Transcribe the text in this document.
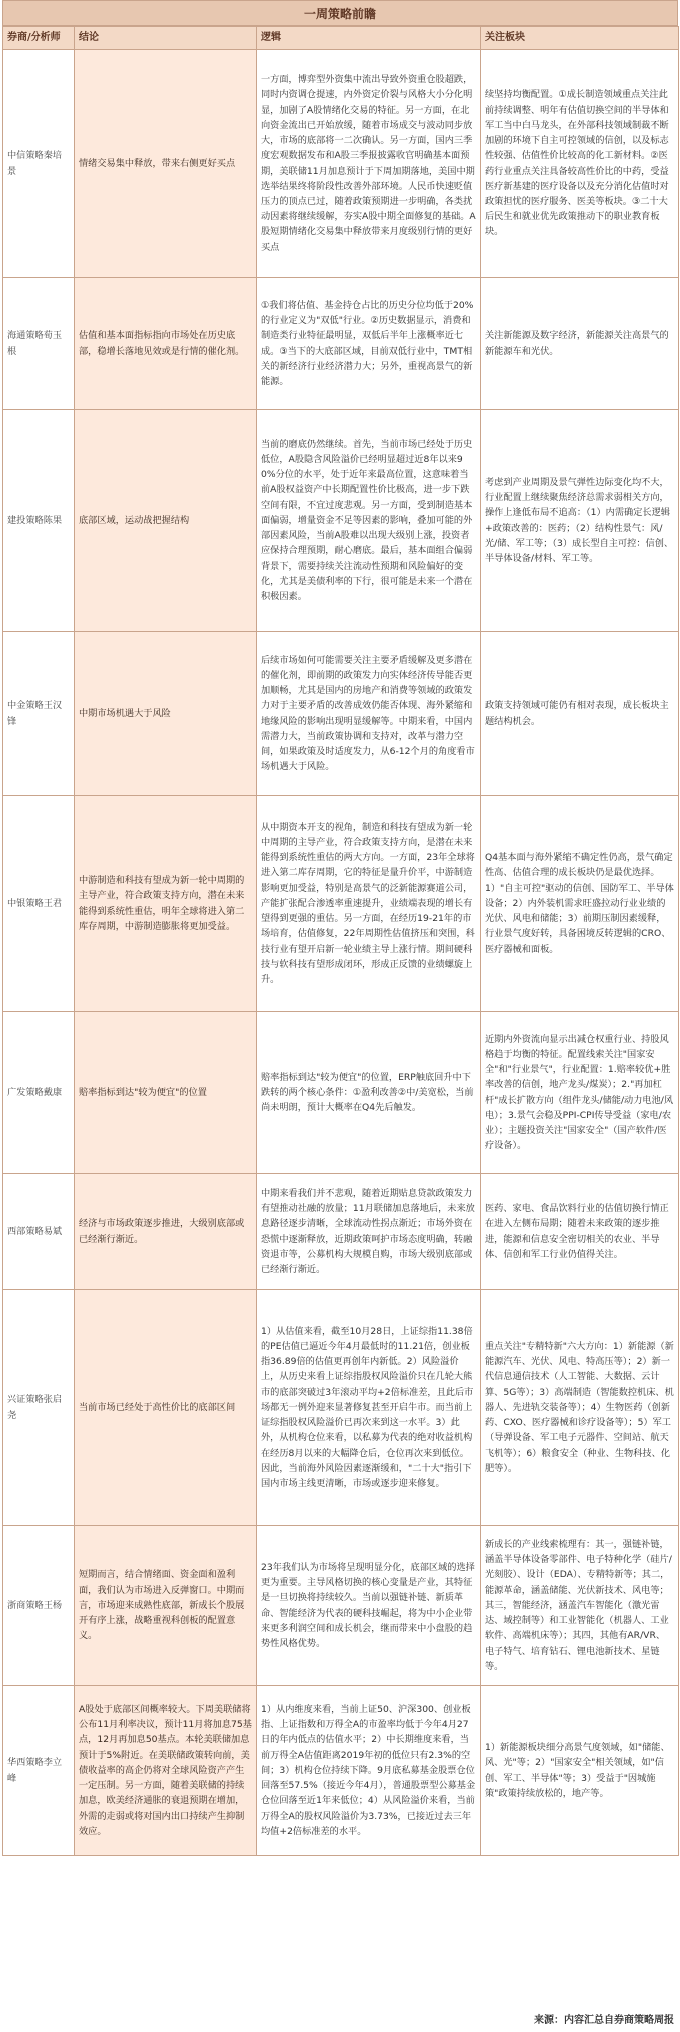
一周策略前瞻
券商/分析师	结论	逻辑	关注板块
中信策略秦培景	情绪交易集中释放，带来右侧更好买点	一方面，博弈型外资集中流出导致外资重仓股超跌，同时内资调仓提速，内外资定价裂与风格大小分化明显，加剧了A股情绪化交易的特征。另一方面，在北向资金流出已开始放缓，随着市场成交与波动同步放大，市场的底部将一二次确认。另一方面，国内三季度宏观数据发布和A股三季报披露收官明确基本面预期，美联储11月加息预计于下周加期落地，美国中期选举结果终将阶段性改善外部环境。人民币快速贬值压力的顶点已过，随着政策预期进一步明确，各类扰动因素将继续缓解，夯实A股中期全面修复的基础。A股短期情绪化交易集中释放带来月度级别行情的更好买点	续坚持均衡配置。①成长制造领域重点关注此前持续调整、明年有估值切换空间的半导体和军工当中白马龙头，在外部科技领域制裁不断加剧的环境下自主可控领域的信创，以及标志性较强、估值性价比较高的化工新材料。②医药行业重点关注具备较高性价比的中药，受益医疗新基建的医疗设备以及充分消化估值时对政策担忧的医疗服务、医美等板块。③二十大后民生和就业优先政策推动下的职业教育板块。
海通策略荀玉根	估值和基本面指标指向市场处在历史底部，稳增长落地见效或是行情的催化剂。	①我们将估值、基金持仓占比的历史分位均低于20%的行业定义为"双低"行业。②历史数据显示，消费和制造类行业特征最明显，双低后半年上涨概率近七成。③当下的大底部区域，目前双低行业中，TMT相关的新经济行业经济潜力大；另外，重视高景气的新能源。	关注新能源及数字经济，新能源关注高景气的新能源车和光伏。
建投策略陈果	底部区域，运动战把握结构	当前的磨底仍然继续。首先，当前市场已经处于历史低位，A股隐含风险溢价已经明显超过近8年以来90%分位的水平，处于近年来最高位置，这意味着当前A股权益资产中长期配置性价比极高，进一步下跌空间有限，不宜过度悲观。另一方面，受到制造基本面偏弱，增量资金不足等因素的影响，叠加可能的外部因素风险，当前A股难以出现大级别上涨，投资者应保持合理预期，耐心磨底。最后，基本面组合偏弱背景下，需要持续关注流动性预期和风险偏好的变化，尤其是美债利率的下行，很可能是未来一个潜在积极因素。	考虑到产业周期及景气弹性边际变化均不大，行业配置上继续聚焦经济总需求弱相关方向，操作上逢低布局不追高：（1）内需确定长逻辑+政策改善的：医药；（2）结构性景气：风/光/储、军工等；（3）成长型自主可控：信创、半导体设备/材料、军工等。
中金策略王汉锋	中期市场机遇大于风险	后续市场如何可能需要关注主要矛盾缓解及更多潜在的催化剂，即前期的政策发力向实体经济传导能否更加顺畅，尤其是国内的房地产和消费等领域的政策发力对于主要矛盾的改善成效仍能否体现、海外紧缩和地缘风险的影响出现明显缓解等。中期来看，中国内需潜力大，当前政策协调和支持对，改革与潜力空间，如果政策及时适度发力，从6-12个月的角度看市场机遇大于风险。	政策支持领域可能仍有相对表现，成长板块主题结构机会。
中银策略王君	中游制造和科技有望成为新一轮中周期的主导产业，符合政策支持方向，潜在未来能得到系统性重估，明年全球将进入第二库存周期，中游制造膨胀将更加受益。	从中期资本开支的视角，制造和科技有望成为新一轮中周期的主导产业，符合政策支持方向，是潜在未来能得到系统性重估的两大方向。一方面，23年全球将进入第二库存周期，它的特征是量升价平，中游制造影响更加受益，特别是高景气的泛新能源赛道公司，产能扩张配合渗透率重速提升，业绩端表现的增长有望得到更强的重估。另一方面，在经历19-21年的市场培育，估值修复，22年周期性估值挤压和突围，科技行业有望开启新一轮业绩主导上涨行情。期间硬科技与软科技有望形成闭环，形成正反馈的业绩螺旋上升。	Q4基本面与海外紧缩不确定性仍高，景气确定性高、估值合理的成长板块仍是最优选择。1）"自主可控"驱动的信创、国防军工、半导体设备；2）内外装机需求旺盛拉动行业业绩的光伏、风电和储能；3）前期压制因素缓释，行业景气度好转，具备困境反转逻辑的CRO、医疗器械和面板。
广发策略戴康	赔率指标到达"较为便宜"的位置	赔率指标到达"较为便宜"的位置，ERP触底回升中下跌转的两个核心条件：①盈利改善②中/美宽松，当前尚未明朗，预计大概率在Q4先后触发。	近期内外资流向显示出减仓权重行业、持股风格趋于均衡的特征。配置线索关注"国家安全"和"行业景气"，行业配置：1.赔率较优+胜率改善的信创，地产龙头/煤炭）；2."再加杠杆"成长扩散方向（组件龙头/储能/动力电池/风电）；3.景气会稳及PPI-CPI传导受益（家电/农业）；主题投资关注"国家安全"（国产软件/医疗设备）。
西部策略易斌	经济与市场政策逐步推进，大级别底部或已经渐行渐近。	中期来看我们并不悲观，随着近期贴息贷款政策发力有望推动社融的放量；11月联储加息落地后，未来放息路径逐步清晰，全球流动性拐点渐近；市场外资在恐慌中逐渐释放，近期政策呵护市场态度明确，转融资退市等，公募机构大规模自购，市场大级别底部或已经渐行渐近。	医药、家电、食品饮料行业的估值切换行情正在进入左侧布局期；随着未来政策的逐步推进，能源和信息安全密切相关的农业、半导体、信创和军工行业仍值得关注。
兴证策略张启尧	当前市场已经处于高性价比的底部区间	1）从估值来看，截至10月28日，上证综指11.38倍的PE估值已逼近今年4月最低时的11.21倍，创业板指36.89倍的估值更再创年内新低。2）风险溢价上，从历史来看上证综指股权风险溢价只在几轮大熊市的底部突破过3年滚动平均+2倍标准差，且此后市场都无一例外迎来显著修复甚至开启牛市。而当前上证综指股权风险溢价已再次来到这一水平。3）此外，从机构仓位来看，以私募为代表的绝对收益机构在经历8月以来的大幅降仓后，仓位再次来到低位。因此，当前海外风险因素逐渐缓和，"二十大"指引下国内市场主线更清晰，市场或逐步迎来修复。	重点关注"专精特新"六大方向：1）新能源（新能源汽车、光伏、风电、特高压等）；2）新一代信息通信技术（人工智能、大数据、云计算、5G等）；3）高端制造（智能数控机床、机器人、先进轨交装备等）；4）生物医药（创新药、CXO、医疗器械和诊疗设备等）；5）军工（导弹设备、军工电子元器件、空间站、航天飞机等）；6）粮食安全（种业、生物科技、化肥等）。
浙商策略王杨	短期而言，结合情绪面、资金面和盈利面，我们认为市场进入反弹窗口。中期而言，市场迎来成熟性底部，新成长个股展开有序上涨，战略重视科创板的配置意义。	23年我们认为市场将呈现明显分化，底部区域的选择更为重要。主导风格切换的核心变量是产业，其特征是一旦切换将持续较久。当前以强链补链、新质革命、智能经济为代表的硬科技崛起，将为中小企业带来更多利润空间和成长机会，继而带来中小盘股的趋势性风格优势。	新成长的产业线索梳理有：其一，强链补链，涵盖半导体设备零部件、电子特种化学（硅片/光刻胶）、设计（EDA）、专精特新等；其二，能源革命，涵盖储能、光伏新技术、风电等；其三，智能经济，涵盖汽车智能化（激光雷达、域控制等）和工业智能化（机器人、工业软件、高端机床等）；其四，其他有AR/VR、电子特气、培育钻石、锂电池新技术、星链等。
华西策略李立峰	A股处于底部区间概率较大。下周美联储将公布11月利率决议，预计11月将加息75基点，12月再加息50基点。本轮美联储加息预计于5%附近。在美联储政策转向前，美债收益率的高企仍将对全球风险资产产生一定压制。另一方面，随着美联储的持续加息，欧美经济通胀的衰退预期在增加，外需的走弱或将对国内出口持续产生抑制效应。	1）从内维度来看，当前上证50、沪深300、创业板指、上证指数和万得全A的市盈率均低于今年4月27日的年内低点的估值水平；2）中长期维度来看，当前万得全A估值距离2019年初的低位只有2.3%的空间；3）机构仓位持续下降。9月底私募基金股票仓位回落至57.5%（接近今年4月），普通股票型公募基金仓位回落至近1年来低位；4）从风险溢价来看，当前万得全A的股权风险溢价为3.73%，已接近过去三年均值+2倍标准差的水平。	1）新能源板块细分高景气度领域，如"储能、风、光"等；2）"国家安全"相关领域，如"信创、军工、半导体"等；3）受益于"因城施策"政策持续放松的，地产等。
来源：内容汇总自券商策略周报
